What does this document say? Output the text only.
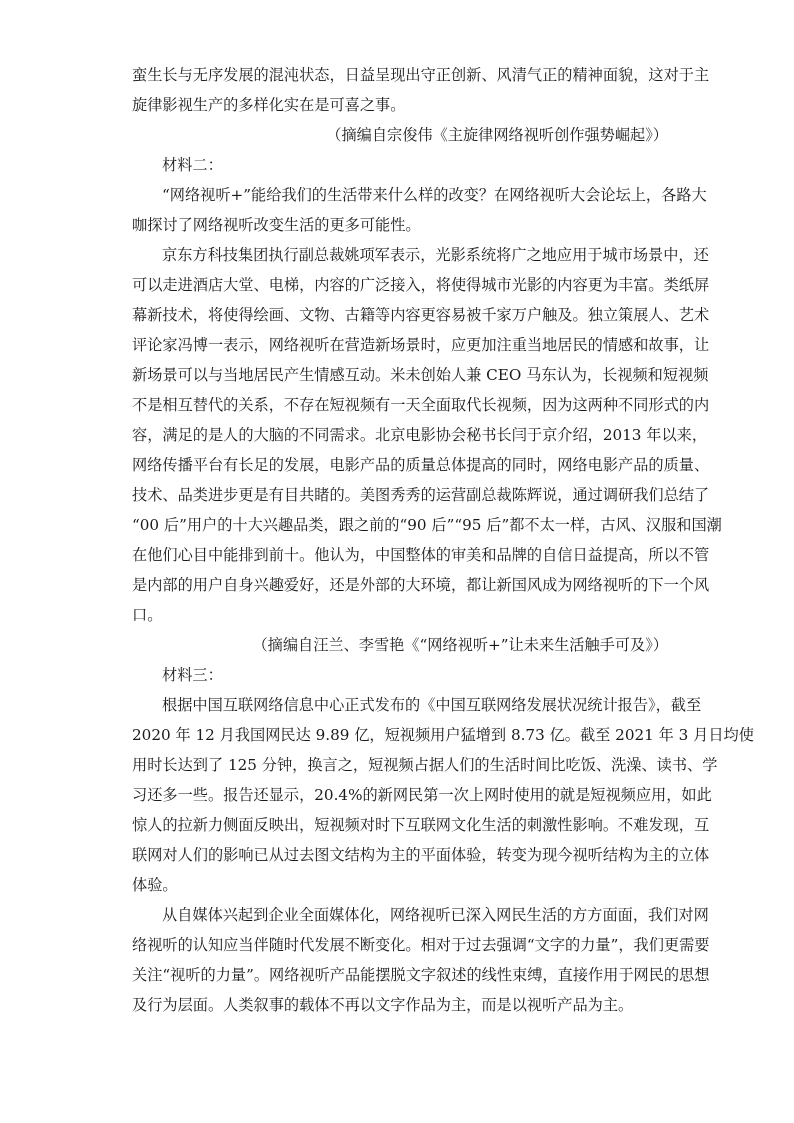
蛮生长与无序发展的混沌状态，日益呈现出守正创新、风清气正的精神面貌，这对于主
旋律影视生产的多样化实在是可喜之事。
（摘编自宗俊伟《主旋律网络视听创作强势崛起》）
材料二：
“网络视听+”能给我们的生活带来什么样的改变？在网络视听大会论坛上，各路大
咖探讨了网络视听改变生活的更多可能性。
京东方科技集团执行副总裁姚项军表示，光影系统将广之地应用于城市场景中，还
可以走进酒店大堂、电梯，内容的广泛接入，将使得城市光影的内容更为丰富。类纸屏
幕新技术，将使得绘画、文物、古籍等内容更容易被千家万户触及。独立策展人、艺术
评论家冯博一表示，网络视听在营造新场景时，应更加注重当地居民的情感和故事，让
新场景可以与当地居民产生情感互动。米未创始人兼 CEO 马东认为，长视频和短视频
不是相互替代的关系，不存在短视频有一天全面取代长视频，因为这两种不同形式的内
容，满足的是人的大脑的不同需求。北京电影协会秘书长闫于京介绍，2013 年以来，
网络传播平台有长足的发展，电影产品的质量总体提高的同时，网络电影产品的质量、
技术、品类进步更是有目共睹的。美图秀秀的运营副总裁陈辉说，通过调研我们总结了
“00 后”用户的十大兴趣品类，跟之前的“90 后”“95 后”都不太一样，古风、汉服和国潮
在他们心目中能排到前十。他认为，中国整体的审美和品牌的自信日益提高，所以不管
是内部的用户自身兴趣爱好，还是外部的大环境，都让新国风成为网络视听的下一个风
口。
（摘编自汪兰、李雪艳《“网络视听+”让未来生活触手可及》）
材料三：
根据中国互联网络信息中心正式发布的《中国互联网络发展状况统计报告》，截至
2020 年 12 月我国网民达 9.89 亿，短视频用户猛增到 8.73 亿。截至 2021 年 3 月日均使
用时长达到了 125 分钟，换言之，短视频占据人们的生活时间比吃饭、洗澡、读书、学
习还多一些。报告还显示，20.4%的新网民第一次上网时使用的就是短视频应用，如此
惊人的拉新力侧面反映出，短视频对时下互联网文化生活的刺激性影响。不难发现，互
联网对人们的影响已从过去图文结构为主的平面体验，转变为现今视听结构为主的立体
体验。
从自媒体兴起到企业全面媒体化，网络视听已深入网民生活的方方面面，我们对网
络视听的认知应当伴随时代发展不断变化。相对于过去强调“文字的力量”，我们更需要
关注“视听的力量”。网络视听产品能摆脱文字叙述的线性束缚，直接作用于网民的思想
及行为层面。人类叙事的载体不再以文字作品为主，而是以视听产品为主。
